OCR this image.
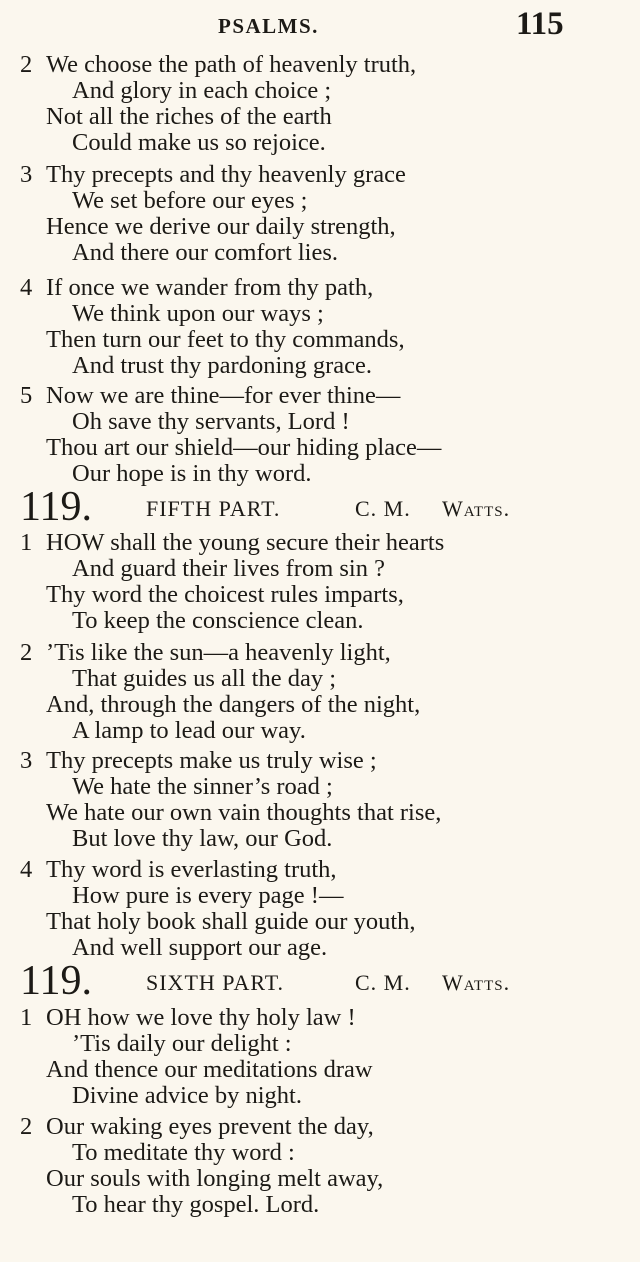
PSALMS.	115
2 We choose the path of heavenly truth,
And glory in each choice ;
Not all the riches of the earth
Could make us so rejoice.
3 Thy precepts and thy heavenly grace
We set before our eyes ;
Hence we derive our daily strength,
And there our comfort lies.
4 If once we wander from thy path,
We think upon our ways ;
Then turn our feet to thy commands,
And trust thy pardoning grace.
5 Now we are thine—for ever thine—
Oh save thy servants, Lord !
Thou art our shield—our hiding place—
Our hope is in thy word.
119. FIFTH PART.	C. M. Watts.
1 HOW shall the young secure their hearts
And guard their lives from sin ?
Thy word the choicest rules imparts,
To keep the conscience clean.
2 ’Tis like the sun—a heavenly light,
That guides us all the day ;
And, through the dangers of the night,
A lamp to lead our way.
3 Thy precepts make us truly wise ;
We hate the sinner’s road ;
We hate our own vain thoughts that rise,
But love thy law, our God.
4 Thy word is everlasting truth,
How pure is every page !—
That holy book shall guide our youth,
And well support our age.
119. SIXTH PART.	C. M. Watts.
1 OH how we love thy holy law !
’Tis daily our delight :
And thence our meditations draw
Divine advice by night.
2 Our waking eyes prevent the day,
To meditate thy word :
Our souls with longing melt away,
To hear thy gospel. Lord.
